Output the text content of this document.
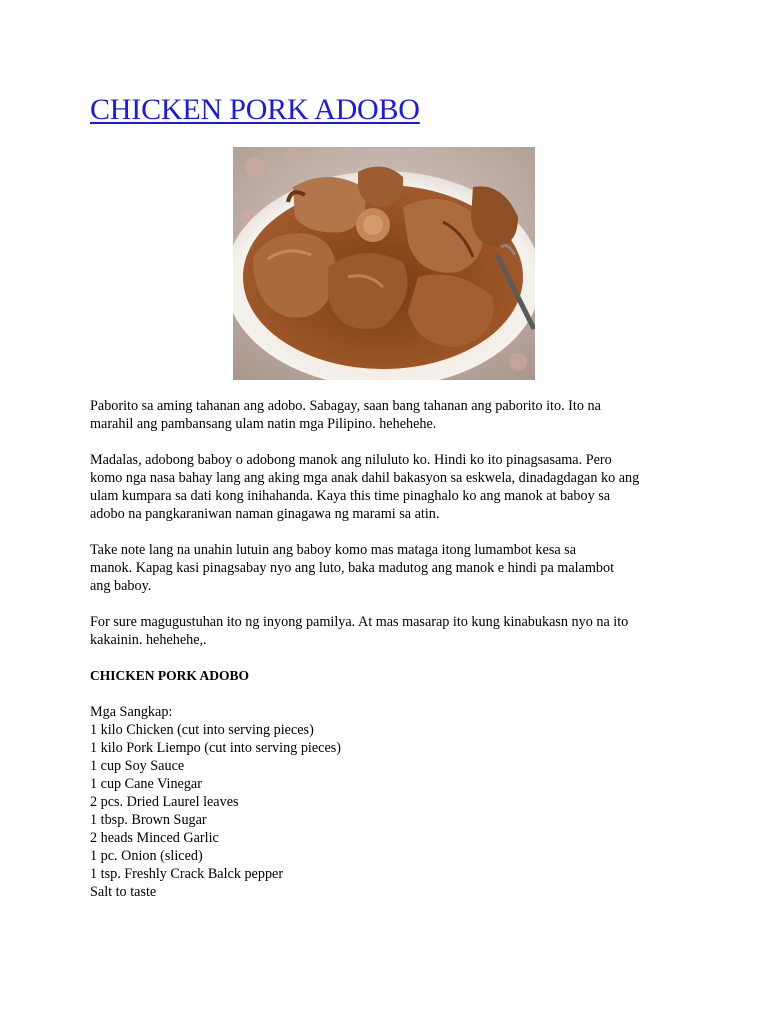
CHICKEN PORK ADOBO

Paborito sa aming tahanan ang adobo. Sabagay, saan bang tahanan ang paborito ito. Ito na
marahil ang pambansang ulam natin mga Pilipino. hehehehe.

Madalas, adobong baboy o adobong manok ang niluluto ko. Hindi ko ito pinagsasama. Pero
komo nga nasa bahay lang ang aking mga anak dahil bakasyon sa eskwela, dinadagdagan ko ang
ulam kumpara sa dati kong inihahanda. Kaya this time pinaghalo ko ang manok at baboy sa
adobo na pangkaraniwan naman ginagawa ng marami sa atin.

Take note lang na unahin lutuin ang baboy komo mas mataga itong lumambot kesa sa
manok. Kapag kasi pinagsabay nyo ang luto, baka madutog ang manok e hindi pa malambot
ang baboy.

For sure magugustuhan ito ng inyong pamilya. At mas masarap ito kung kinabukasn nyo na ito
kakainin. hehehehe,.

CHICKEN PORK ADOBO
Mga Sangkap:
1 kilo Chicken (cut into serving pieces)
1 kilo Pork Liempo (cut into serving pieces)
1 cup Soy Sauce
1 cup Cane Vinegar
2 pcs. Dried Laurel leaves
1 tbsp. Brown Sugar
2 heads Minced Garlic
1 pc. Onion (sliced)
1 tsp. Freshly Crack Balck pepper
Salt to taste
